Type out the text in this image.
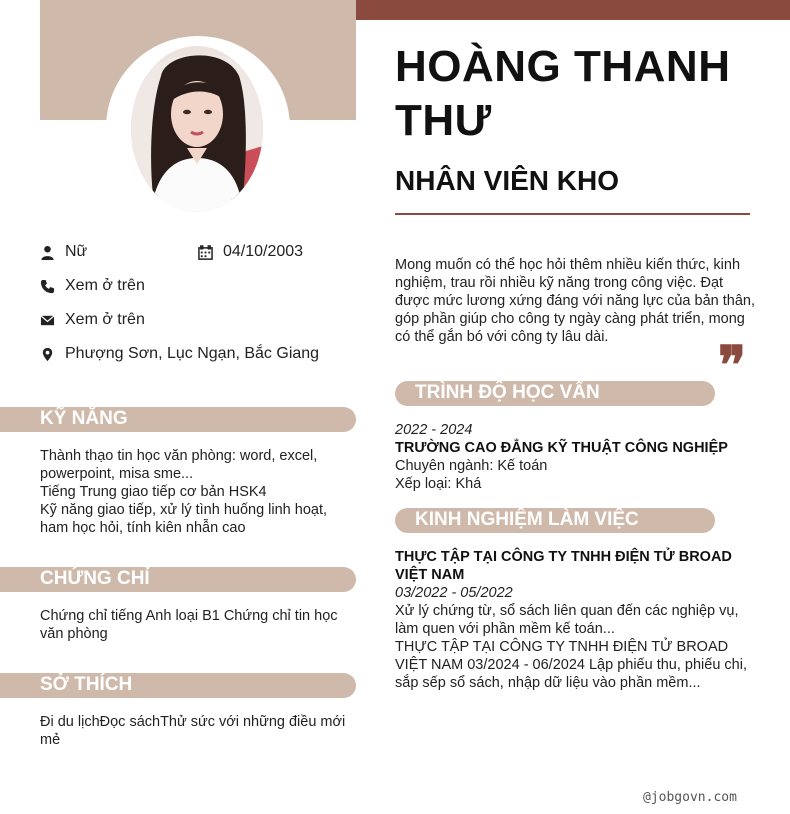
HOÀNG THANH THƯ
NHÂN VIÊN KHO
Nữ	04/10/2003
Xem ở trên
Xem ở trên
Phượng Sơn, Lục Ngạn, Bắc Giang

Mong muốn có thể học hỏi thêm nhiều kiến thức, kinh nghiệm, trau rồi nhiều kỹ năng trong công việc. Đạt được mức lương xứng đáng với năng lực của bản thân, góp phần giúp cho công ty ngày càng phát triển, mong có thể gắn bó với công ty lâu dài.	❞
KỸ NĂNG

Thành thạo tin học văn phòng: word, excel, powerpoint, misa sme...

Tiếng Trung giao tiếp cơ bản HSK4

Kỹ năng giao tiếp, xử lý tình huống linh hoạt, ham học hỏi, tính kiên nhẫn cao

CHỨNG CHỈ

Chứng chỉ tiếng Anh loại B1 Chứng chỉ tin học văn phòng

SỞ THÍCH

Đi du lịchĐọc sáchThử sức với những điều mới mẻ

TRÌNH ĐỘ HỌC VẤN

2022 - 2024

TRƯỜNG CAO ĐẲNG KỸ THUẬT CÔNG NGHIỆP

Chuyên ngành: Kế toán

Xếp loại: Khá

KINH NGHIỆM LÀM VIỆC

THỰC TẬP TẠI CÔNG TY TNHH ĐIỆN TỬ BROAD VIỆT NAM

03/2022 - 05/2022

Xử lý chứng từ, sổ sách liên quan đến các nghiệp vụ, làm quen với phần mềm kế toán...

THỰC TẬP TẠI CÔNG TY TNHH ĐIỆN TỬ BROAD VIỆT NAM 03/2024 - 06/2024 Lập phiếu thu, phiếu chi, sắp sếp sổ sách, nhập dữ liệu vào phần mềm...

@jobgovn.com
